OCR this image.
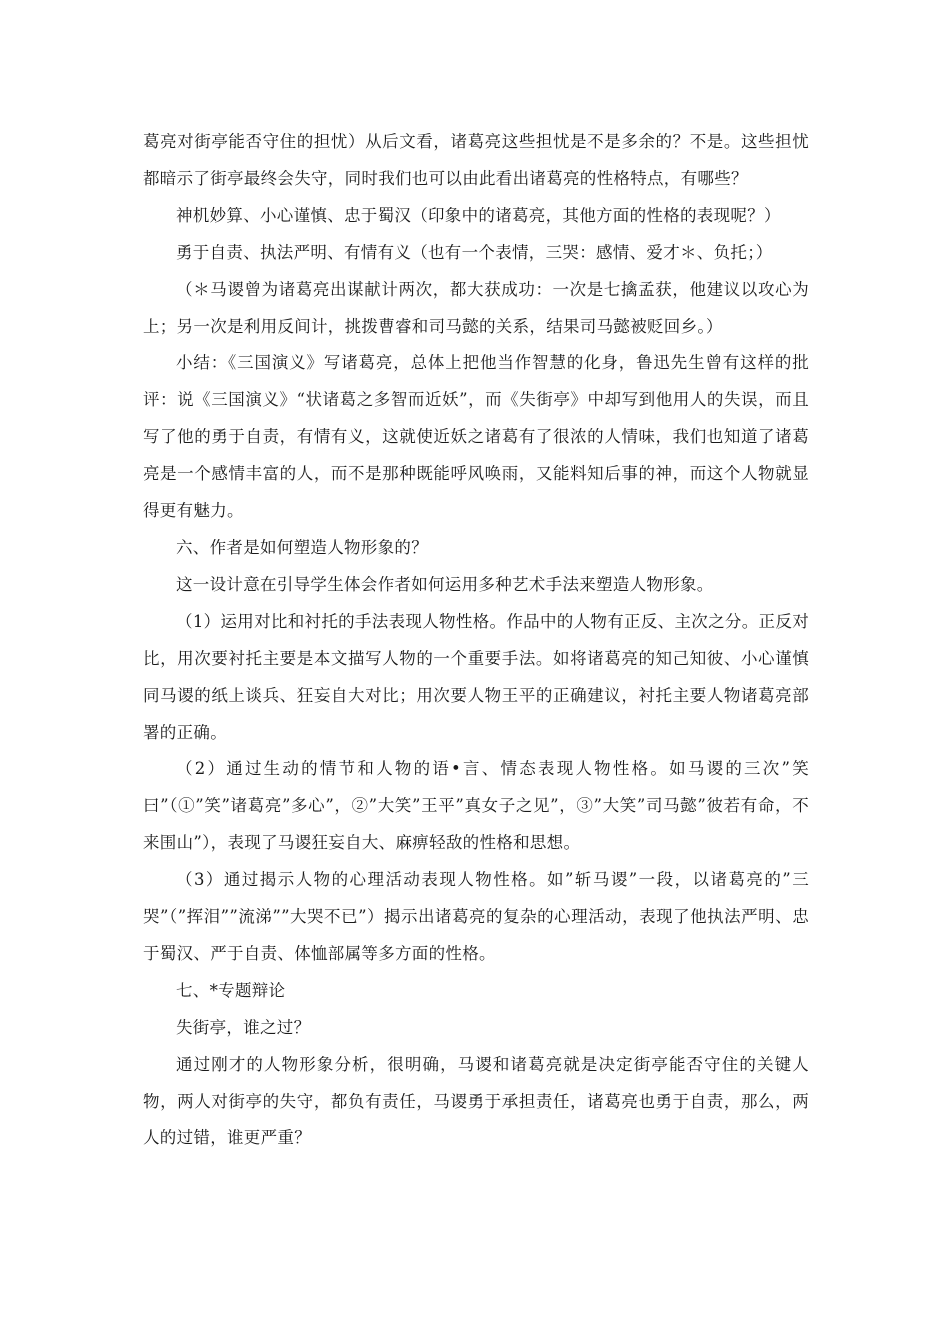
葛亮对街亭能否守住的担忧）从后文看，诸葛亮这些担忧是不是多余的？不是。这些担忧都暗示了街亭最终会失守，同时我们也可以由此看出诸葛亮的性格特点，有哪些？

神机妙算、小心谨慎、忠于蜀汉（印象中的诸葛亮，其他方面的性格的表现呢？）

勇于自责、执法严明、有情有义（也有一个表情，三哭：感情、爱才＊、负托；）

（＊马谡曾为诸葛亮出谋献计两次，都大获成功：一次是七擒孟获，他建议以攻心为上；另一次是利用反间计，挑拨曹睿和司马懿的关系，结果司马懿被贬回乡。）

小结：《三国演义》写诸葛亮，总体上把他当作智慧的化身，鲁迅先生曾有这样的批评：说《三国演义》“状诸葛之多智而近妖”，而《失街亭》中却写到他用人的失误，而且写了他的勇于自责，有情有义，这就使近妖之诸葛有了很浓的人情味，我们也知道了诸葛亮是一个感情丰富的人，而不是那种既能呼风唤雨，又能料知后事的神，而这个人物就显得更有魅力。

六、作者是如何塑造人物形象的？

这一设计意在引导学生体会作者如何运用多种艺术手法来塑造人物形象。

（1）运用对比和衬托的手法表现人物性格。作品中的人物有正反、主次之分。正反对比，用次要衬托主要是本文描写人物的一个重要手法。如将诸葛亮的知己知彼、小心谨慎同马谡的纸上谈兵、狂妄自大对比；用次要人物王平的正确建议，衬托主要人物诸葛亮部署的正确。

（2）通过生动的情节和人物的语•言、情态表现人物性格。如马谡的三次”笑曰”（①”笑”诸葛亮”多心”，②”大笑”王平”真女子之见”，③”大笑”司马懿”彼若有命，不来围山”），表现了马谡狂妄自大、麻痹轻敌的性格和思想。

（3）通过揭示人物的心理活动表现人物性格。如”斩马谡”一段，以诸葛亮的”三哭”（”挥泪””流涕””大哭不已”）揭示出诸葛亮的复杂的心理活动，表现了他执法严明、忠于蜀汉、严于自责、体恤部属等多方面的性格。

七、*专题辩论

失街亭，谁之过？

通过刚才的人物形象分析，很明确，马谡和诸葛亮就是决定街亭能否守住的关键人物，两人对街亭的失守，都负有责任，马谡勇于承担责任，诸葛亮也勇于自责，那么，两人的过错，谁更严重？
